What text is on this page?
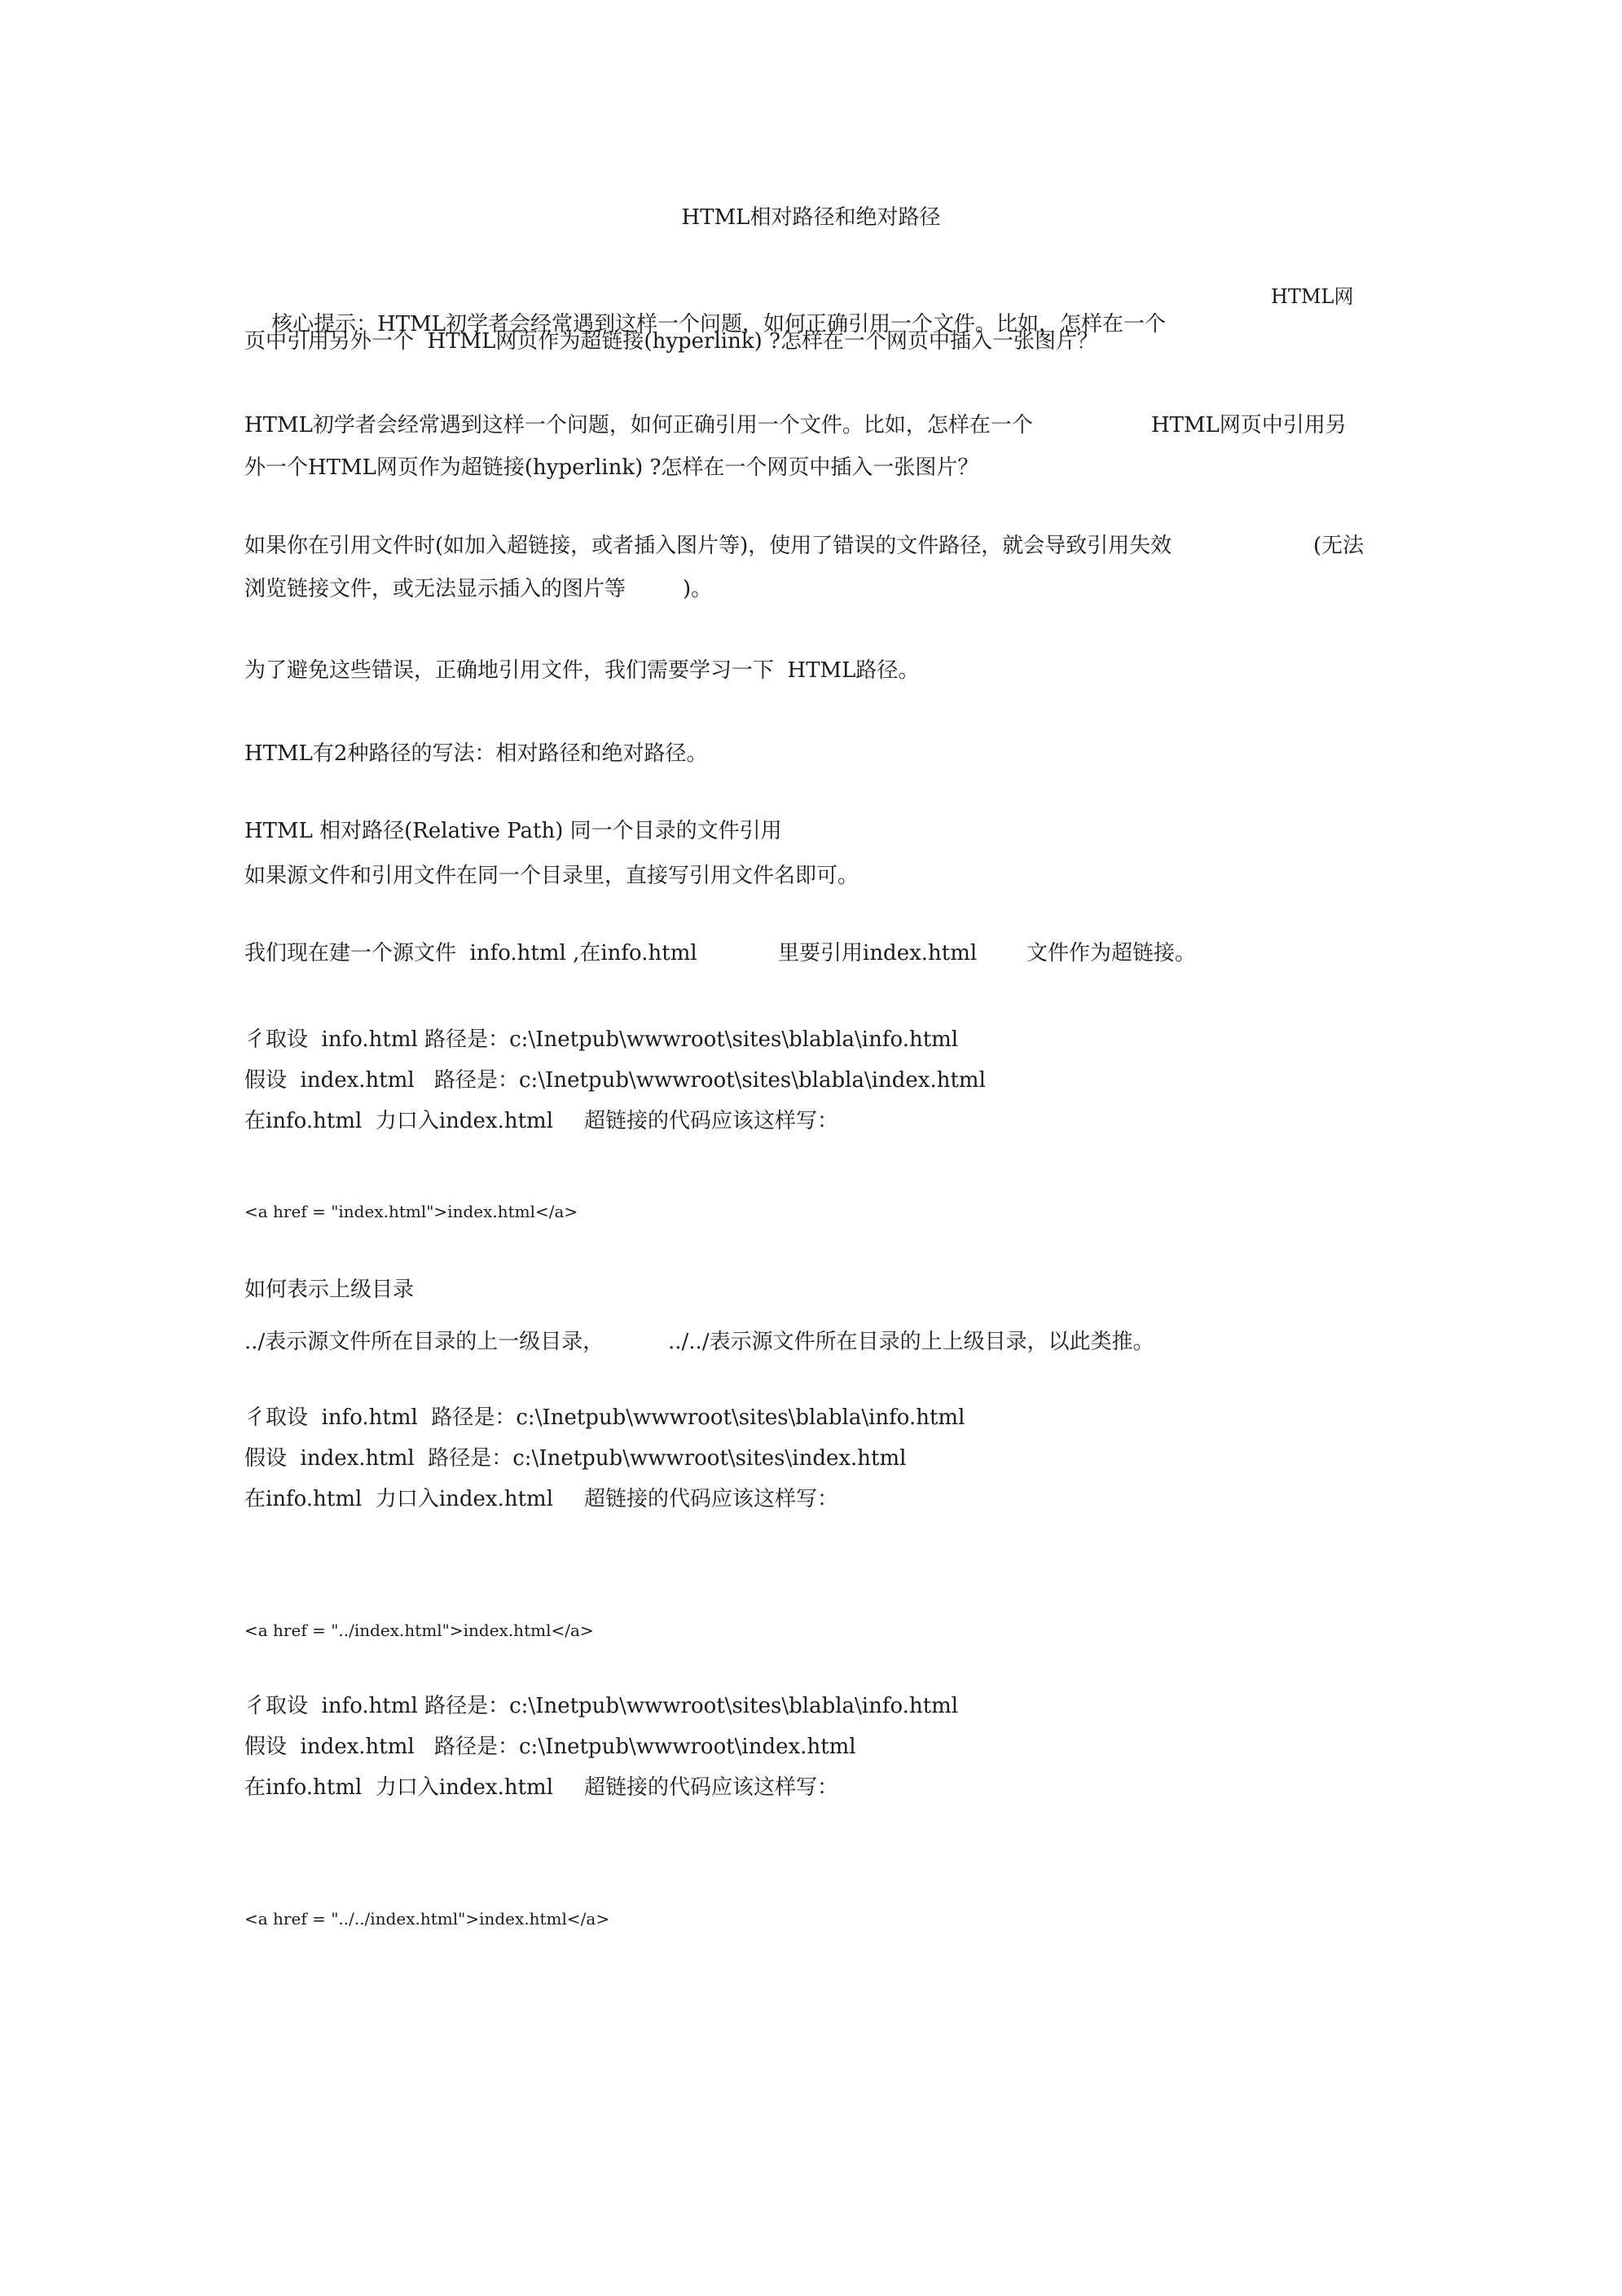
HTML相对路径和绝对路径

核心提示：HTML初学者会经常遇到这样一个问题，如何正确引用一个文件。比如，怎样在一个

HTML网
页中引用另外一个  HTML网页作为超链接(hyperlink) ?怎样在一个网页中插入一张图片？
HTML初学者会经常遇到这样一个问题，如何正确引用一个文件。比如，怎样在一个	HTML网页中引用另
外一个HTML网页作为超链接(hyperlink) ?怎样在一个网页中插入一张图片？
如果你在引用文件时(如加入超链接，或者插入图片等)，使用了错误的文件路径，就会导致引用失效	(无法
浏览链接文件，或无法显示插入的图片等	)。
为了避免这些错误，正确地引用文件，我们需要学习一下  HTML路径。
HTML有2种路径的写法：相对路径和绝对路径。
HTML 相对路径(Relative Path) 同一个目录的文件引用
如果源文件和引用文件在同一个目录里，直接写引用文件名即可。
我们现在建一个源文件  info.html ,在info.html	里要引用index.html 文件作为超链接。
彳取设  info.html 路径是：c:\Inetpub\wwwroot\sites\blabla\info.html
假设  index.html 路径是：c:\Inetpub\wwwroot\sites\blabla\index.html
在info.html  力口入index.html 超链接的代码应该这样写：
<a href = "index.html">index.html</a>
如何表示上级目录
../表示源文件所在目录的上一级目录，	../../表示源文件所在目录的上上级目录，以此类推。
彳取设  info.html  路径是：c:\Inetpub\wwwroot\sites\blabla\info.html
假设  index.html  路径是：c:\Inetpub\wwwroot\sites\index.html
在info.html  力口入index.html 超链接的代码应该这样写：
<a href = "../index.html">index.html</a>
彳取设  info.html 路径是：c:\Inetpub\wwwroot\sites\blabla\info.html
假设  index.html 路径是：c:\Inetpub\wwwroot\index.html
在info.html  力口入index.html 超链接的代码应该这样写：
<a href = "../../index.html">index.html</a>
